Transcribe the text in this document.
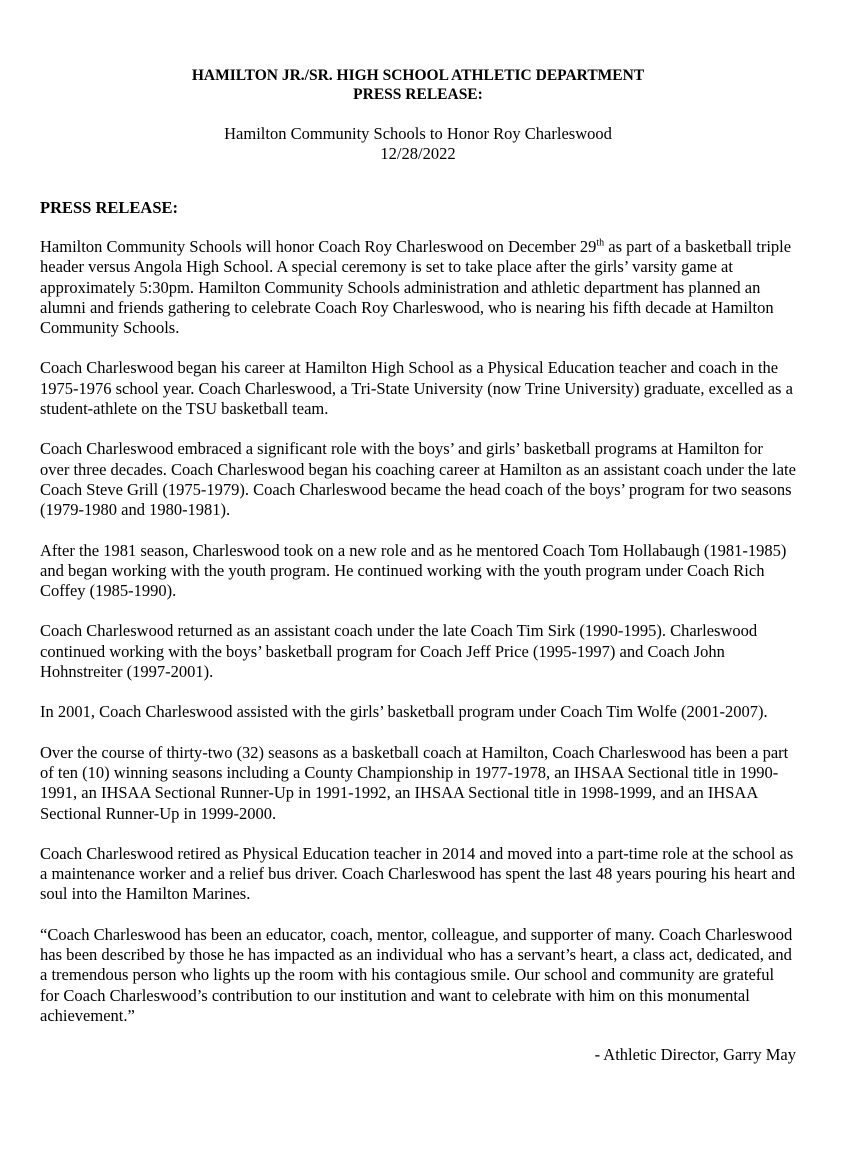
HAMILTON JR./SR. HIGH SCHOOL ATHLETIC DEPARTMENT
PRESS RELEASE:
Hamilton Community Schools to Honor Roy Charleswood
12/28/2022
PRESS RELEASE:

Hamilton Community Schools will honor Coach Roy Charleswood on December 29th as part of a basketball triple header versus Angola High School. A special ceremony is set to take place after the girls’ varsity game at approximately 5:30pm. Hamilton Community Schools administration and athletic department has planned an alumni and friends gathering to celebrate Coach Roy Charleswood, who is nearing his fifth decade at Hamilton Community Schools.

Coach Charleswood began his career at Hamilton High School as a Physical Education teacher and coach in the 1975-1976 school year. Coach Charleswood, a Tri-State University (now Trine University) graduate, excelled as a student-athlete on the TSU basketball team.

Coach Charleswood embraced a significant role with the boys’ and girls’ basketball programs at Hamilton for over three decades. Coach Charleswood began his coaching career at Hamilton as an assistant coach under the late Coach Steve Grill (1975-1979). Coach Charleswood became the head coach of the boys’ program for two seasons (1979-1980 and 1980-1981).

After the 1981 season, Charleswood took on a new role and as he mentored Coach Tom Hollabaugh (1981-1985) and began working with the youth program. He continued working with the youth program under Coach Rich Coffey (1985-1990).

Coach Charleswood returned as an assistant coach under the late Coach Tim Sirk (1990-1995). Charleswood continued working with the boys’ basketball program for Coach Jeff Price (1995-1997) and Coach John Hohnstreiter (1997-2001).

In 2001, Coach Charleswood assisted with the girls’ basketball program under Coach Tim Wolfe (2001-2007).

Over the course of thirty-two (32) seasons as a basketball coach at Hamilton, Coach Charleswood has been a part of ten (10) winning seasons including a County Championship in 1977-1978, an IHSAA Sectional title in 1990-1991, an IHSAA Sectional Runner-Up in 1991-1992, an IHSAA Sectional title in 1998-1999, and an IHSAA Sectional Runner-Up in 1999-2000.

Coach Charleswood retired as Physical Education teacher in 2014 and moved into a part-time role at the school as a maintenance worker and a relief bus driver. Coach Charleswood has spent the last 48 years pouring his heart and soul into the Hamilton Marines.

“Coach Charleswood has been an educator, coach, mentor, colleague, and supporter of many. Coach Charleswood has been described by those he has impacted as an individual who has a servant’s heart, a class act, dedicated, and a tremendous person who lights up the room with his contagious smile. Our school and community are grateful for Coach Charleswood’s contribution to our institution and want to celebrate with him on this monumental achievement.”

- Athletic Director, Garry May
